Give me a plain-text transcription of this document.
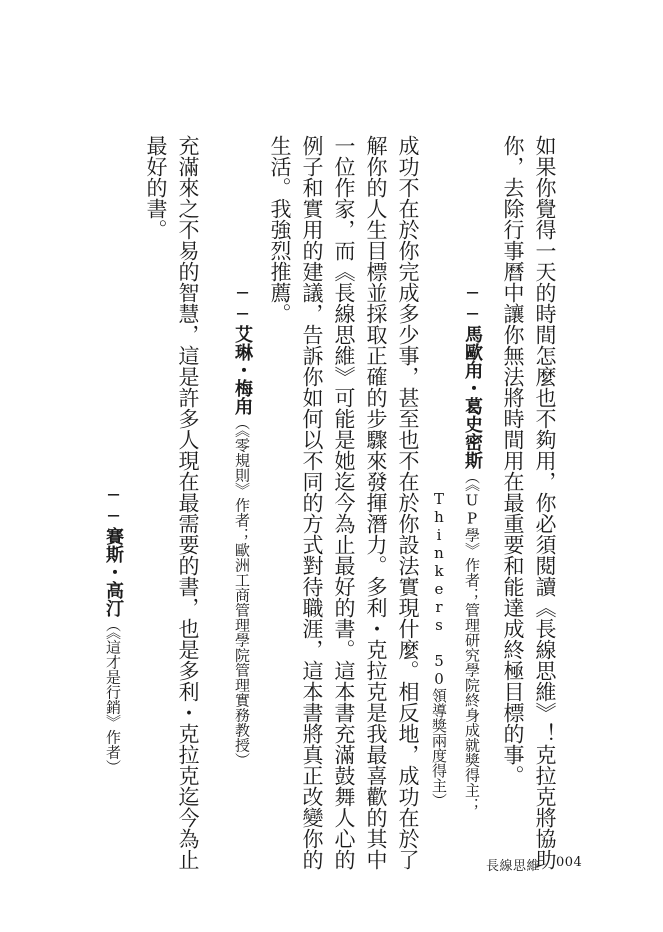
如果你覺得一天的時間怎麼也不夠用，你必須閱讀《長線思維》！克拉克將協助
你，去除行事曆中讓你無法將時間用在最重要和能達成終極目標的事。
──馬歐甪・葛史密斯（《UP學》作者；管理研究學院終身成就獎得主；
Thinkers 50領導獎兩度得主）
成功不在於你完成多少事，甚至也不在於你設法實現什麼。相反地，成功在於了
解你的人生目標並採取正確的步驟來發揮潛力。多利・克拉克是我最喜歡的其中
一位作家，而《長線思維》可能是她迄今為止最好的書。這本書充滿鼓舞人心的
例子和實用的建議，告訴你如何以不同的方式對待職涯，這本書將真正改變你的
生活。我強烈推薦。
──艾琳・梅甪（《零規則》作者；歐洲工商管理學院管理實務教授）
充滿來之不易的智慧，這是許多人現在最需要的書，也是多利・克拉克迄今為止
最好的書。
──賽斯・高汀（《這才是行銷》作者）
長線思維 004
